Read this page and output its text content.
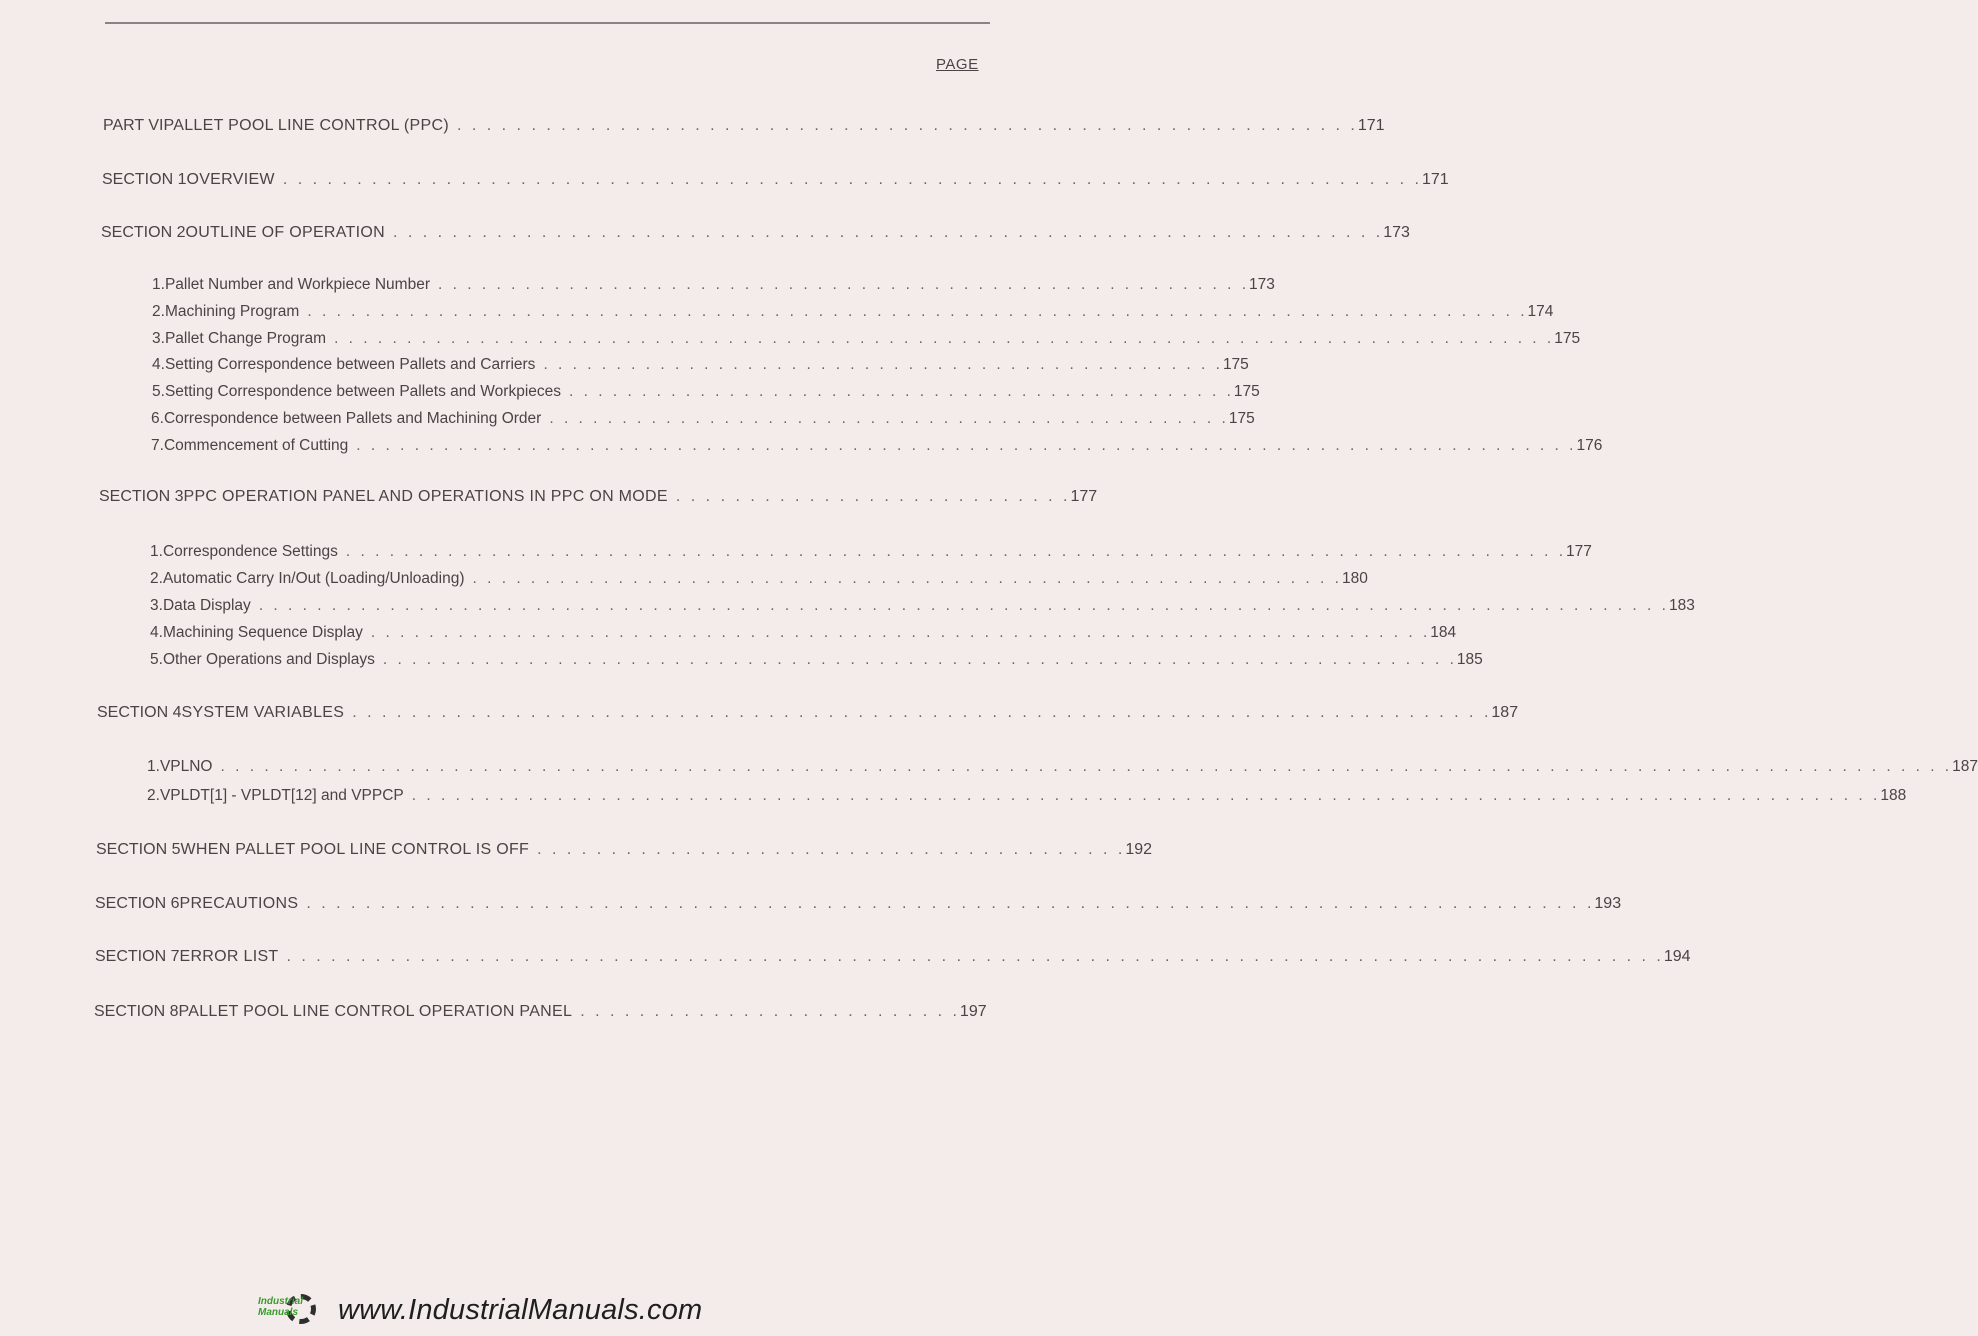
PAGE
PART VI PALLET POOL LINE CONTROL (PPC) . . . . . . . . . . . . . . . . . . . . . . . . . . . . . . . . . . . . . . . . . . . . . . . . . . . . . . . . . . . . . 171
SECTION 1 OVERVIEW . . . . . . . . . . . . . . . . . . . . . . . . . . . . . . . . . . . . . . . . . . . . . . . . . . . . . . . . . . . . . . . . . . . . . . . . . . . . . 171
SECTION 2 OUTLINE OF OPERATION . . . . . . . . . . . . . . . . . . . . . . . . . . . . . . . . . . . . . . . . . . . . . . . . . . . . . . . . . . . . . . . . . . . 173
1. Pallet Number and Workpiece Number . . . . . . . . . . . . . . . . . . . . . . . . . . . . . . . . . . . . . . . . . . . . . . . . . . . . . . . . 173
2. Machining Program . . . . . . . . . . . . . . . . . . . . . . . . . . . . . . . . . . . . . . . . . . . . . . . . . . . . . . . . . . . . . . . . . . . . . . . . . . . . . . . . . . . . 174
3. Pallet Change Program . . . . . . . . . . . . . . . . . . . . . . . . . . . . . . . . . . . . . . . . . . . . . . . . . . . . . . . . . . . . . . . . . . . . . . . . . . . . . . . . . . . . 175
4. Setting Correspondence between Pallets and Carriers . . . . . . . . . . . . . . . . . . . . . . . . . . . . . . . . . . . . . . . . . . . . . . . 175
5. Setting Correspondence between Pallets and Workpieces . . . . . . . . . . . . . . . . . . . . . . . . . . . . . . . . . . . . . . . . . . . . . . 175
6. Correspondence between Pallets and Machining Order . . . . . . . . . . . . . . . . . . . . . . . . . . . . . . . . . . . . . . . . . . . . . . . 175
7. Commencement of Cutting . . . . . . . . . . . . . . . . . . . . . . . . . . . . . . . . . . . . . . . . . . . . . . . . . . . . . . . . . . . . . . . . . . . . . . . . . . . . . . . . . . . . 176
SECTION 3 PPC OPERATION PANEL AND OPERATIONS IN PPC ON MODE . . . . . . . . . . . . . . . . . . . . . . . . . . . 177
1. Correspondence Settings . . . . . . . . . . . . . . . . . . . . . . . . . . . . . . . . . . . . . . . . . . . . . . . . . . . . . . . . . . . . . . . . . . . . . . . . . . . . . . . . . . . . 177
2. Automatic Carry In/Out (Loading/Unloading) . . . . . . . . . . . . . . . . . . . . . . . . . . . . . . . . . . . . . . . . . . . . . . . . . . . . . . . . . . . . 180
3. Data Display . . . . . . . . . . . . . . . . . . . . . . . . . . . . . . . . . . . . . . . . . . . . . . . . . . . . . . . . . . . . . . . . . . . . . . . . . . . . . . . . . . . . . . . . . . . . . . . . . 183
4. Machining Sequence Display . . . . . . . . . . . . . . . . . . . . . . . . . . . . . . . . . . . . . . . . . . . . . . . . . . . . . . . . . . . . . . . . . . . . . . . . . 184
5. Other Operations and Displays . . . . . . . . . . . . . . . . . . . . . . . . . . . . . . . . . . . . . . . . . . . . . . . . . . . . . . . . . . . . . . . . . . . . . . . . . . 185
SECTION 4 SYSTEM VARIABLES . . . . . . . . . . . . . . . . . . . . . . . . . . . . . . . . . . . . . . . . . . . . . . . . . . . . . . . . . . . . . . . . . . . . . . . . . . . . . 187
1. VPLNO . . . . . . . . . . . . . . . . . . . . . . . . . . . . . . . . . . . . . . . . . . . . . . . . . . . . . . . . . . . . . . . . . . . . . . . . . . . . . . . . . . . . . . . . . . . . . . . . . . . . . . . . . . . . . . . . . . . . . . . 187
2. VPLDT[1] - VPLDT[12] and VPPCP . . . . . . . . . . . . . . . . . . . . . . . . . . . . . . . . . . . . . . . . . . . . . . . . . . . . . . . . . . . . . . . . . . . . . . . . . . . . . . . . . . . . . . . . . . . . . . . . . . . . . 188
SECTION 5 WHEN PALLET POOL LINE CONTROL IS OFF . . . . . . . . . . . . . . . . . . . . . . . . . . . . . . . . . . . . . . . . 192
SECTION 6 PRECAUTIONS . . . . . . . . . . . . . . . . . . . . . . . . . . . . . . . . . . . . . . . . . . . . . . . . . . . . . . . . . . . . . . . . . . . . . . . . . . . . . . . . . . . . . . . 193
SECTION 7 ERROR LIST . . . . . . . . . . . . . . . . . . . . . . . . . . . . . . . . . . . . . . . . . . . . . . . . . . . . . . . . . . . . . . . . . . . . . . . . . . . . . . . . . . . . . . . . . . . . . 194
SECTION 8 PALLET POOL LINE CONTROL OPERATION PANEL . . . . . . . . . . . . . . . . . . . . . . . . . . 197
Industrial
Manuals www.IndustrialManuals.com
